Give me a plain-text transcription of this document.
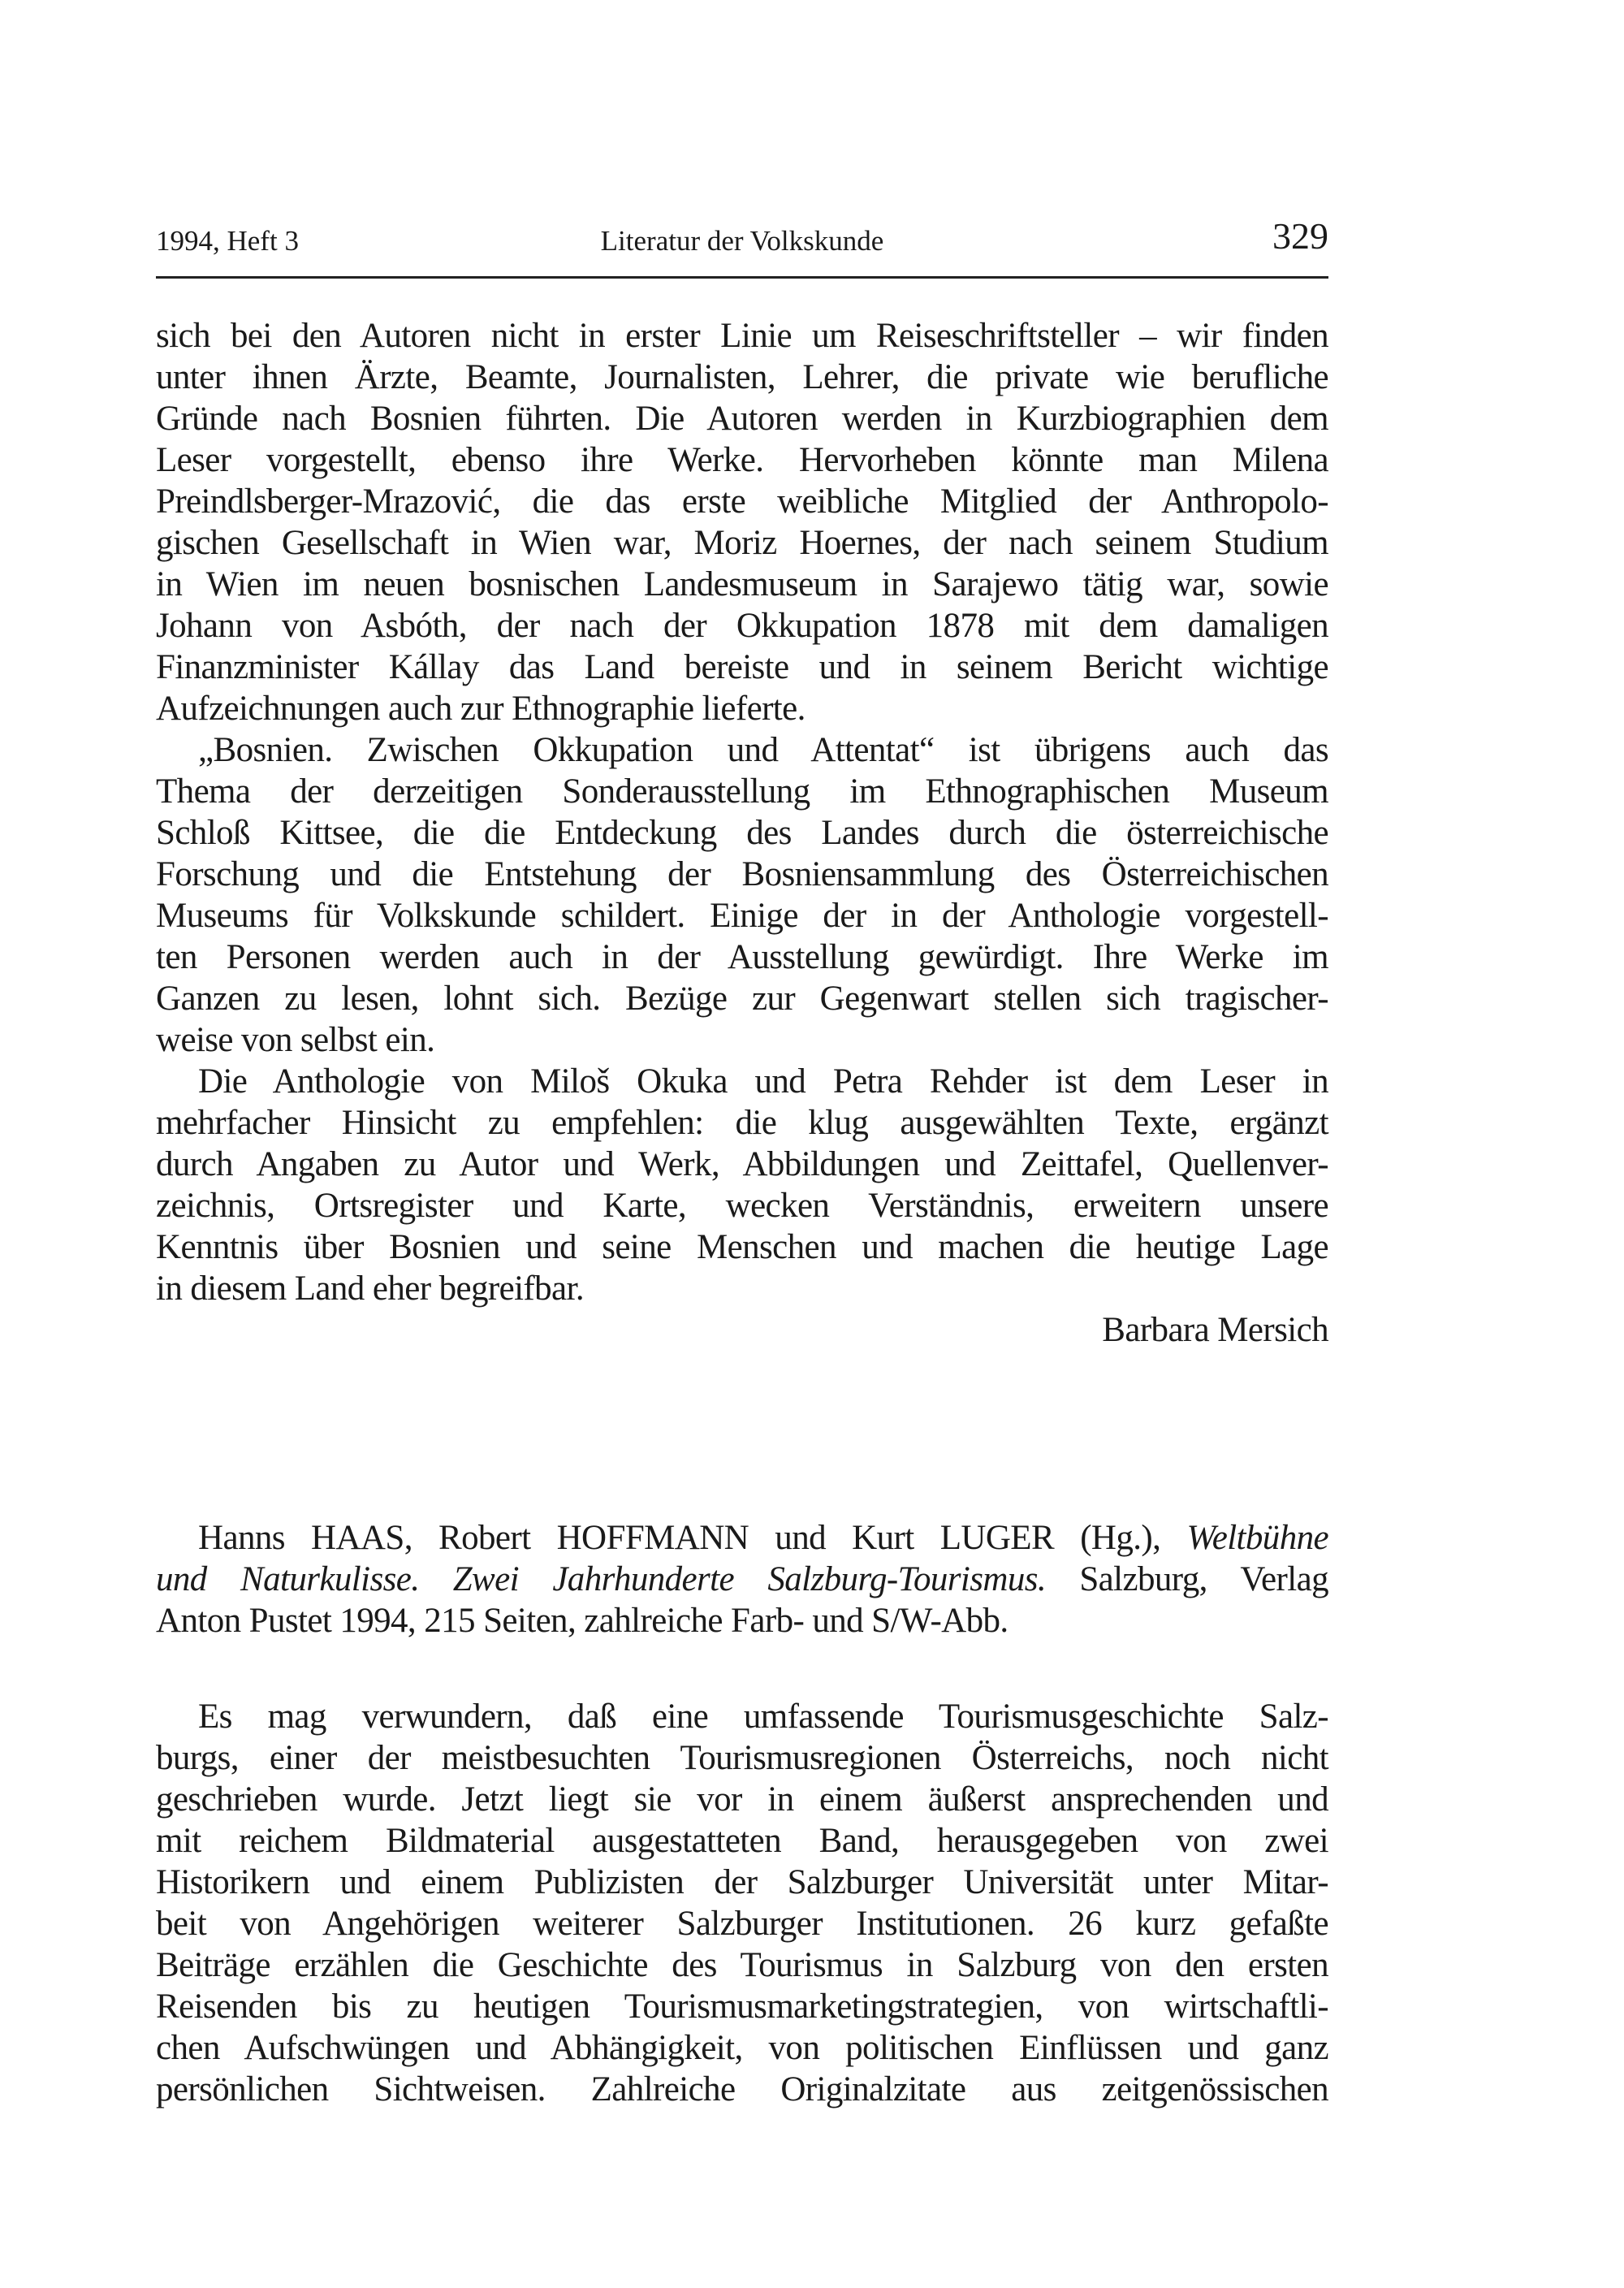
1994, Heft 3	Literatur der Volkskunde	329
sich bei den Autoren nicht in erster Linie um Reiseschriftsteller – wir finden
unter ihnen Ärzte, Beamte, Journalisten, Lehrer, die private wie berufliche
Gründe nach Bosnien führten. Die Autoren werden in Kurzbiographien dem
Leser vorgestellt, ebenso ihre Werke. Hervorheben könnte man Milena
Preindlsberger-Mrazović, die das erste weibliche Mitglied der Anthropolo-
gischen Gesellschaft in Wien war, Moriz Hoernes, der nach seinem Studium
in Wien im neuen bosnischen Landesmuseum in Sarajewo tätig war, sowie
Johann von Asbóth, der nach der Okkupation 1878 mit dem damaligen
Finanzminister Kállay das Land bereiste und in seinem Bericht wichtige
Aufzeichnungen auch zur Ethnographie lieferte.
„Bosnien. Zwischen Okkupation und Attentat“ ist übrigens auch das
Thema der derzeitigen Sonderausstellung im Ethnographischen Museum
Schloß Kittsee, die die Entdeckung des Landes durch die österreichische
Forschung und die Entstehung der Bosniensammlung des Österreichischen
Museums für Volkskunde schildert. Einige der in der Anthologie vorgestell-
ten Personen werden auch in der Ausstellung gewürdigt. Ihre Werke im
Ganzen zu lesen, lohnt sich. Bezüge zur Gegenwart stellen sich tragischer-
weise von selbst ein.
Die Anthologie von Miloš Okuka und Petra Rehder ist dem Leser in
mehrfacher Hinsicht zu empfehlen: die klug ausgewählten Texte, ergänzt
durch Angaben zu Autor und Werk, Abbildungen und Zeittafel, Quellenver-
zeichnis, Ortsregister und Karte, wecken Verständnis, erweitern unsere
Kenntnis über Bosnien und seine Menschen und machen die heutige Lage
in diesem Land eher begreifbar.
Barbara Mersich
Hanns HAAS, Robert HOFFMANN und Kurt LUGER (Hg.), Weltbühne
und Naturkulisse. Zwei Jahrhunderte Salzburg-Tourismus. Salzburg, Verlag
Anton Pustet 1994, 215 Seiten, zahlreiche Farb- und S/W-Abb.
Es mag verwundern, daß eine umfassende Tourismusgeschichte Salz-
burgs, einer der meistbesuchten Tourismusregionen Österreichs, noch nicht
geschrieben wurde. Jetzt liegt sie vor in einem äußerst ansprechenden und
mit reichem Bildmaterial ausgestatteten Band, herausgegeben von zwei
Historikern und einem Publizisten der Salzburger Universität unter Mitar-
beit von Angehörigen weiterer Salzburger Institutionen. 26 kurz gefaßte
Beiträge erzählen die Geschichte des Tourismus in Salzburg von den ersten
Reisenden bis zu heutigen Tourismusmarketingstrategien, von wirtschaftli-
chen Aufschwüngen und Abhängigkeit, von politischen Einflüssen und ganz
persönlichen Sichtweisen. Zahlreiche Originalzitate aus zeitgenössischen
